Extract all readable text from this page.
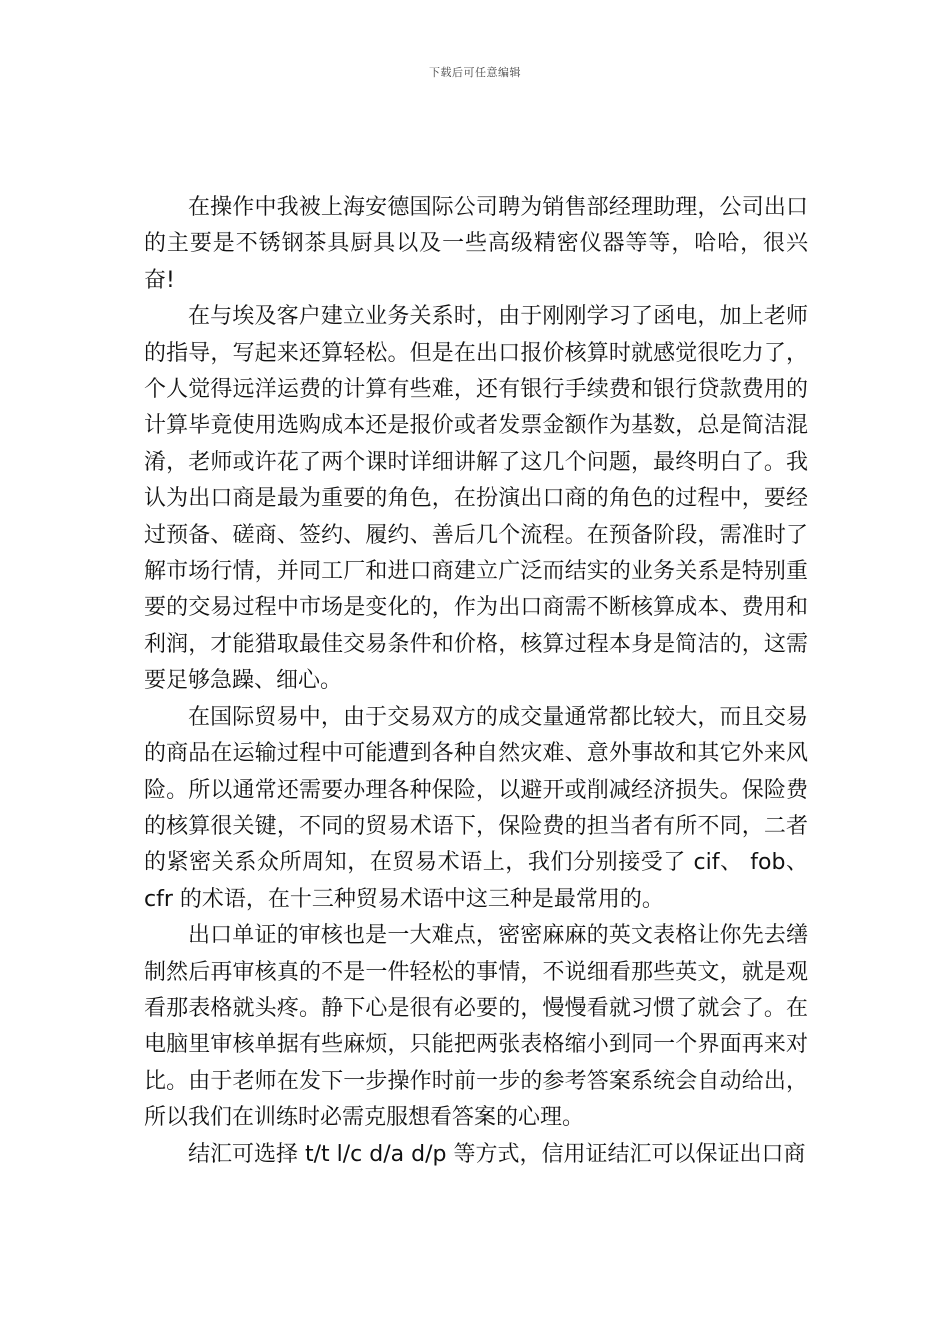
下载后可任意编辑

在操作中我被上海安德国际公司聘为销售部经理助理，公司出口的主要是不锈钢茶具厨具以及一些高级精密仪器等等，哈哈，很兴奋!

在与埃及客户建立业务关系时，由于刚刚学习了函电，加上老师的指导，写起来还算轻松。但是在出口报价核算时就感觉很吃力了，个人觉得远洋运费的计算有些难，还有银行手续费和银行贷款费用的计算毕竟使用选购成本还是报价或者发票金额作为基数，总是简洁混淆，老师或许花了两个课时详细讲解了这几个问题，最终明白了。我认为出口商是最为重要的角色，在扮演出口商的角色的过程中，要经过预备、磋商、签约、履约、善后几个流程。在预备阶段，需准时了解市场行情，并同工厂和进口商建立广泛而结实的业务关系是特别重要的交易过程中市场是变化的，作为出口商需不断核算成本、费用和利润，才能猎取最佳交易条件和价格，核算过程本身是简洁的，这需要足够急躁、细心。

在国际贸易中，由于交易双方的成交量通常都比较大，而且交易的商品在运输过程中可能遭到各种自然灾难、意外事故和其它外来风险。所以通常还需要办理各种保险，以避开或削减经济损失。保险费的核算很关键，不同的贸易术语下，保险费的担当者有所不同，二者的紧密关系众所周知，在贸易术语上，我们分别接受了 cif、 fob、 cfr 的术语，在十三种贸易术语中这三种是最常用的。

出口单证的审核也是一大难点，密密麻麻的英文表格让你先去缮制然后再审核真的不是一件轻松的事情，不说细看那些英文，就是观看那表格就头疼。静下心是很有必要的，慢慢看就习惯了就会了。在电脑里审核单据有些麻烦，只能把两张表格缩小到同一个界面再来对比。由于老师在发下一步操作时前一步的参考答案系统会自动给出，所以我们在训练时必需克服想看答案的心理。

结汇可选择 t/t l/c d/a d/p 等方式，信用证结汇可以保证出口商
